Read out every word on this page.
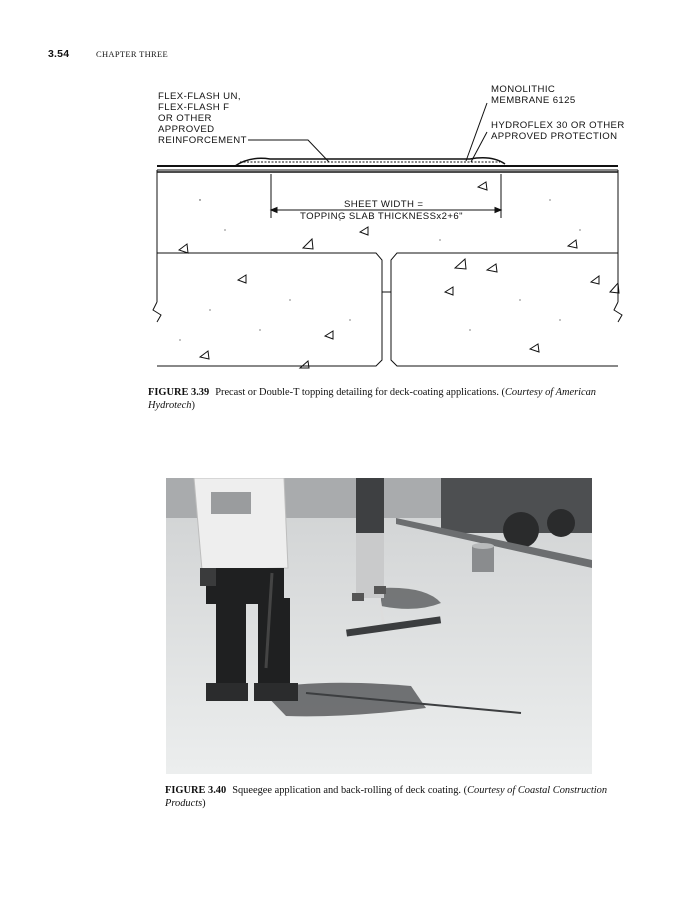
3.54	CHAPTER THREE
FLEX-FLASH UN,
FLEX-FLASH F
OR OTHER
APPROVED
REINFORCEMENT
MONOLITHIC
MEMBRANE 6125
HYDROFLEX 30 OR OTHER
APPROVED PROTECTION
SHEET WIDTH =
TOPPING SLAB THICKNESSx2+6"
FIGURE 3.39 Precast or Double-T topping detailing for deck-coating applications. (Courtesy of American Hydrotech)
FIGURE 3.40 Squeegee application and back-rolling of deck coating. (Courtesy of Coastal Construction Products)
